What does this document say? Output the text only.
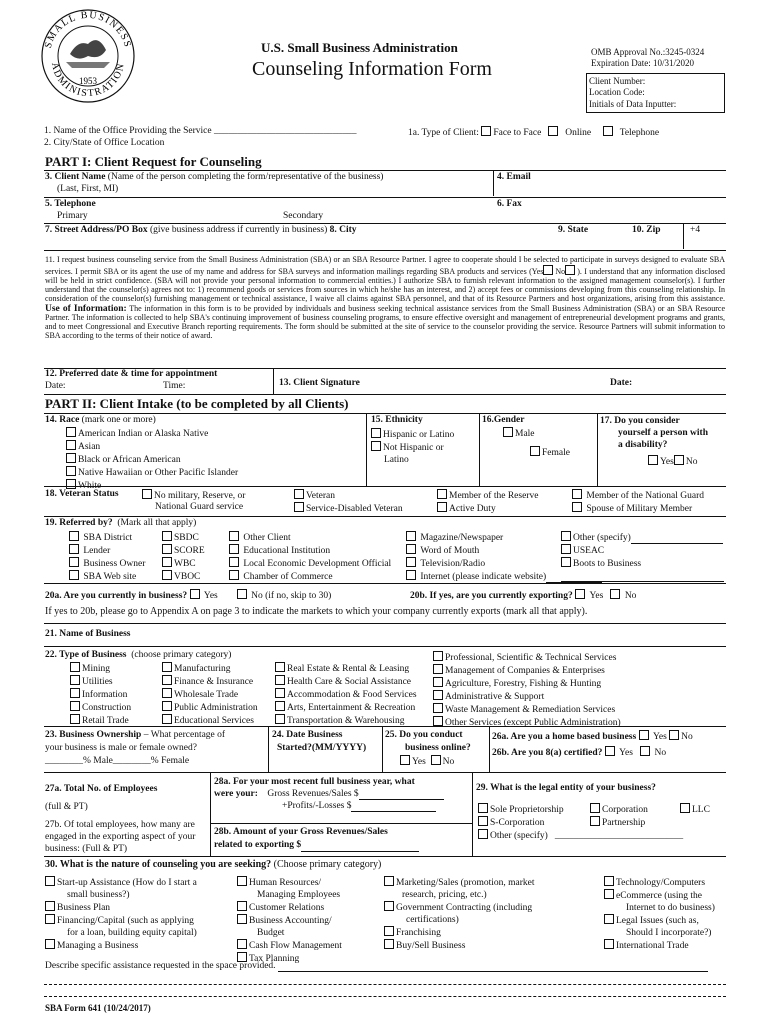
SMALL BUSINESS
ADMINISTRATION
1953
U.S. Small Business Administration
Counseling Information Form
OMB Approval No.:3245-0324
Expiration Date: 10/31/2020
Client Number:
Location Code:
Initials of Data Inputter:
1. Name of the Office Providing the Service ______________________________	1a. Type of Client: Face to Face	Online	Telephone
2. City/State of Office Location
PART I: Client Request for Counseling
3. Client Name (Name of the person completing the form/representative of the business)
(Last, First, MI)
4. Email
5. Telephone	6. Fax
Primary	Secondary
7. Street Address/PO Box (give business address if currently in business) 8. City	9. State	10. Zip	+4
11. I request business counseling service from the Small Business Administration (SBA) or an SBA Resource Partner. I agree to cooperate should I be selected to participate in surveys designed to evaluate SBA services. I permit SBA or its agent the use of my name and address for SBA surveys and information mailings regarding SBA products and services (Yes No ). I understand that any information disclosed will be held in strict confidence. (SBA will not provide your personal information to commercial entities.) I authorize SBA to furnish relevant information to the assigned management counselor(s). I further understand that the counselor(s) agrees not to: 1) recommend goods or services from sources in which he/she has an interest, and 2) accept fees or commissions developing from this counseling relationship. In consideration of the counselor(s) furnishing management or technical assistance, I waive all claims against SBA personnel, and that of its Resource Partners and host organizations, arising from this assistance. Use of Information: The information in this form is to be provided by individuals and business seeking technical assistance services from the Small Business Administration (SBA) or an SBA Resource Partner. The information is collected to help SBA's continuing improvement of business counseling programs, to ensure effective oversight and management of entrepreneurial development programs and grants, and to meet Congressional and Executive Branch reporting requirements. The form should be submitted at the site of service to the counselor providing the service. Resource Partners will submit information to SBA according to the terms of their notice of award.
12. Preferred date & time for appointment
Date:	Time:	13. Client Signature	Date:
PART II: Client Intake (to be completed by all Clients)
14. Race (mark one or more)
American Indian or Alaska Native
Asian
Black or African American
Native Hawaiian or Other Pacific Islander
White
15. Ethnicity
Hispanic or Latino
Not Hispanic or
Latino
16.Gender
Male
Female
17. Do you consider
yourself a person with
a disability?
Yes No
18. Veteran Status	No military, Reserve, or
National Guard service
Veteran
Service-Disabled Veteran
Member of the Reserve
Active Duty
Member of the National Guard
Spouse of Military Member
19. Referred by? (Mark all that apply)
SBA District
Lender
Business Owner
SBA Web site
SBDC
SCORE
WBC
VBOC
Other Client
Educational Institution
Local Economic Development Official
Chamber of Commerce
Magazine/Newspaper
Word of Mouth
Television/Radio
Internet (please indicate website)
Other (specify)
USEAC
Boots to Business
20a. Are you currently in business? Yes	No (if no, skip to 30)	20b. If yes, are you currently exporting? Yes No
If yes to 20b, please go to Appendix A on page 3 to indicate the markets to which your company currently exports (mark all that apply).
21. Name of Business
22. Type of Business (choose primary category)
Mining
Utilities
Information
Construction
Retail Trade
Manufacturing
Finance & Insurance
Wholesale Trade
Public Administration
Educational Services
Real Estate & Rental & Leasing
Health Care & Social Assistance
Accommodation & Food Services
Arts, Entertainment & Recreation
Transportation & Warehousing
Professional, Scientific & Technical Services
Management of Companies & Enterprises
Agriculture, Forestry, Fishing & Hunting
Administrative & Support
Waste Management & Remediation Services
Other Services (except Public Administration)
23. Business Ownership – What percentage of
your business is male or female owned?
________% Male________% Female
24. Date Business
Started?(MM/YYYY)
25. Do you conduct
business online?
Yes No
26a. Are you a home based business Yes No
26b. Are you 8(a) certified? Yes No
27a. Total No. of Employees
(full & PT)
27b. Of total employees, how many are engaged in the exporting aspect of your business: (Full & PT)
28a. For your most recent full business year, what
were your: Gross Revenues/Sales $
+Profits/-Losses $
28b. Amount of your Gross Revenues/Sales
related to exporting $
29. What is the legal entity of your business?
Sole Proprietorship
S-Corporation
Other (specify) ___________________________
Corporation
Partnership
LLC
30. What is the nature of counseling you are seeking? (Choose primary category)
Start-up Assistance (How do I start a
small business?)
Business Plan
Financing/Capital (such as applying
for a loan, building equity capital)
Managing a Business
Human Resources/
Managing Employees
Customer Relations
Business Accounting/
Budget
Cash Flow Management
Tax Planning
Marketing/Sales (promotion, market
research, pricing, etc.)
Government Contracting (including
certifications)
Franchising
Buy/Sell Business
Technology/Computers
eCommerce (using the
Internet to do business)
Legal Issues (such as,
Should I incorporate?)
International Trade
Describe specific assistance requested in the space provided.
SBA Form 641 (10/24/2017)
